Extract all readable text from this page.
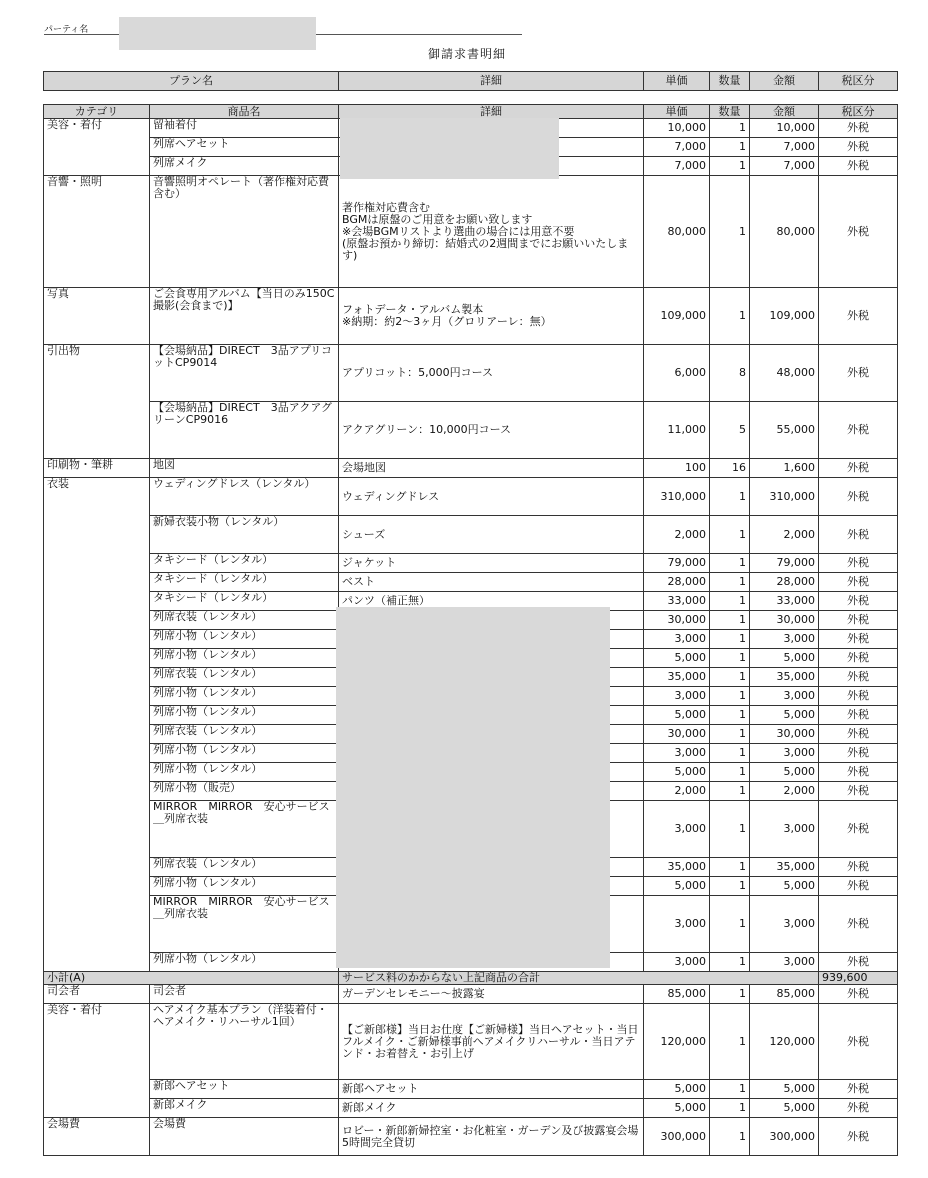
パーティ名
御請求書明細
プラン名	詳細	単価	数量	金額	税区分
カテゴリ	商品名	詳細	単価	数量	金額	税区分
美容・着付	留袖着付		10,000	1	10,000	外税
	列席ヘアセット		7,000	1	7,000	外税
	列席メイク		7,000	1	7,000	外税
音響・照明	音響照明オペレート（著作権対応費含む）	著作権対応費含む
BGMは原盤のご用意をお願い致します
※会場BGMリストより選曲の場合には用意不要
(原盤お預かり締切：結婚式の2週間までにお願いいたします)	80,000	1	80,000	外税
写真	ご会食専用アルバム【当日のみ150C撮影(会食まで)】	フォトデータ・アルバム製本
※納期：約2～3ヶ月（グロリアーレ：無）	109,000	1	109,000	外税
引出物	【会場納品】DIRECT　3品アプリコットCP9014	アプリコット：5,000円コース	6,000	8	48,000	外税
	【会場納品】DIRECT　3品アクアグリーンCP9016	アクアグリーン：10,000円コース	11,000	5	55,000	外税
印刷物・筆耕	地図	会場地図	100	16	1,600	外税
衣装	ウェディングドレス（レンタル）	ウェディングドレス	310,000	1	310,000	外税
	新婦衣装小物（レンタル）	シューズ	2,000	1	2,000	外税
	タキシード（レンタル）	ジャケット	79,000	1	79,000	外税
	タキシード（レンタル）	ベスト	28,000	1	28,000	外税
	タキシード（レンタル）	パンツ（補正無）	33,000	1	33,000	外税
	列席衣装（レンタル）		30,000	1	30,000	外税
	列席小物（レンタル）		3,000	1	3,000	外税
	列席小物（レンタル）		5,000	1	5,000	外税
	列席衣装（レンタル）		35,000	1	35,000	外税
	列席小物（レンタル）		3,000	1	3,000	外税
	列席小物（レンタル）		5,000	1	5,000	外税
	列席衣装（レンタル）		30,000	1	30,000	外税
	列席小物（レンタル）		3,000	1	3,000	外税
	列席小物（レンタル）		5,000	1	5,000	外税
	列席小物（販売）		2,000	1	2,000	外税
	MIRROR　MIRROR　安心サービス＿列席衣装		3,000	1	3,000	外税
	列席衣装（レンタル）		35,000	1	35,000	外税
	列席小物（レンタル）		5,000	1	5,000	外税
	MIRROR　MIRROR　安心サービス＿列席衣装		3,000	1	3,000	外税
	列席小物（レンタル）		3,000	1	3,000	外税
小計(A)		サービス料のかからない上記商品の合計				939,600
司会者	司会者	ガーデンセレモニー～披露宴	85,000	1	85,000	外税
美容・着付	ヘアメイク基本プラン（洋装着付・ヘアメイク・リハーサル1回）	【ご新郎様】当日お仕度【ご新婦様】当日ヘアセット・当日フルメイク・ご新婦様事前ヘアメイクリハーサル・当日アテンド・お着替え・お引上げ	120,000	1	120,000	外税
	新郎ヘアセット	新郎ヘアセット	5,000	1	5,000	外税
	新郎メイク	新郎メイク	5,000	1	5,000	外税
会場費	会場費	ロビー・新郎新婦控室・お化粧室・ガーデン及び披露宴会場　5時間完全貸切	300,000	1	300,000	外税
